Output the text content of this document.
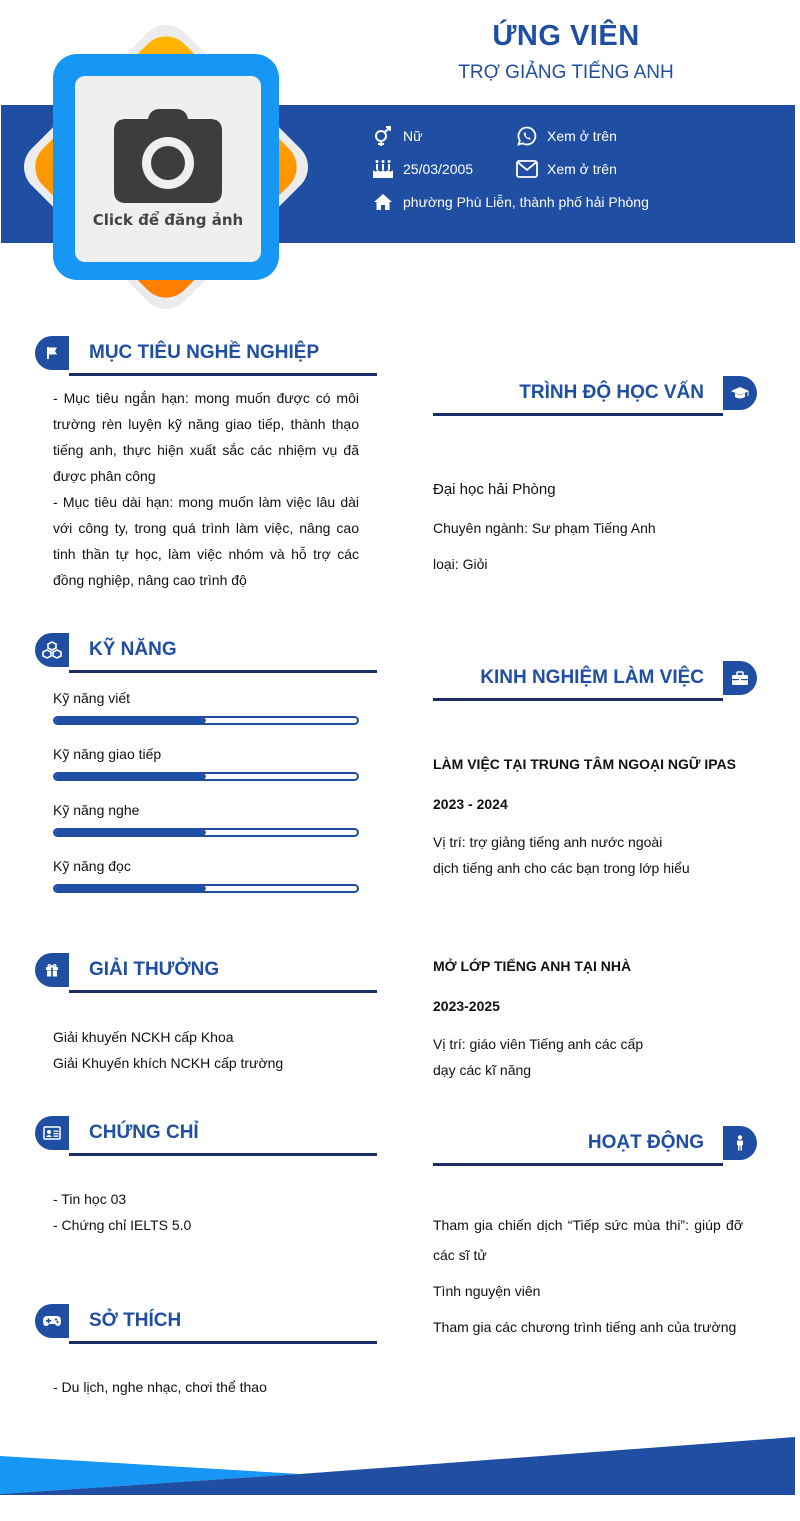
ỨNG VIÊN
TRỢ GIẢNG TIẾNG ANH
Click để đăng ảnh
Nữ	Xem ở trên
25/03/2005	Xem ở trên
phường Phù Liễn, thành phố hải Phòng
MỤC TIÊU NGHỀ NGHIỆP
- Mục tiêu ngắn hạn: mong muốn được có môi trường rèn luyện kỹ năng giao tiếp, thành thạo tiếng anh, thực hiện xuất sắc các nhiệm vụ đã được phân công
- Mục tiêu dài hạn: mong muốn làm việc lâu dài với công ty, trong quá trình làm việc, nâng cao tinh thần tự học, làm việc nhóm và hỗ trợ các đồng nghiệp, nâng cao trình độ
KỸ NĂNG
Kỹ năng viết
Kỹ năng giao tiếp
Kỹ năng nghe
Kỹ năng đọc
GIẢI THƯỞNG
Giải khuyến NCKH cấp Khoa
Giải Khuyến khích NCKH cấp trường
CHỨNG CHỈ
- Tin học 03
- Chứng chỉ IELTS 5.0
SỞ THÍCH
- Du lịch, nghe nhạc, chơi thể thao
TRÌNH ĐỘ HỌC VẤN
Đại học hải Phòng
Chuyên ngành: Sư phạm Tiếng Anh
loại: Giỏi
KINH NGHIỆM LÀM VIỆC
LÀM VIỆC TẠI TRUNG TÂM NGOẠI NGỮ IPAS
2023 - 2024
Vị trí: trợ giảng tiếng anh nước ngoài
dịch tiếng anh cho các bạn trong lớp hiểu
MỞ LỚP TIẾNG ANH TẠI NHÀ
2023-2025
Vị trí: giáo viên Tiếng anh các cấp
dạy các kĩ năng
HOẠT ĐỘNG
Tham gia chiến dịch “Tiếp sức mùa thi”: giúp đỡ các sĩ tử
Tình nguyện viên
Tham gia các chương trình tiếng anh của trường
